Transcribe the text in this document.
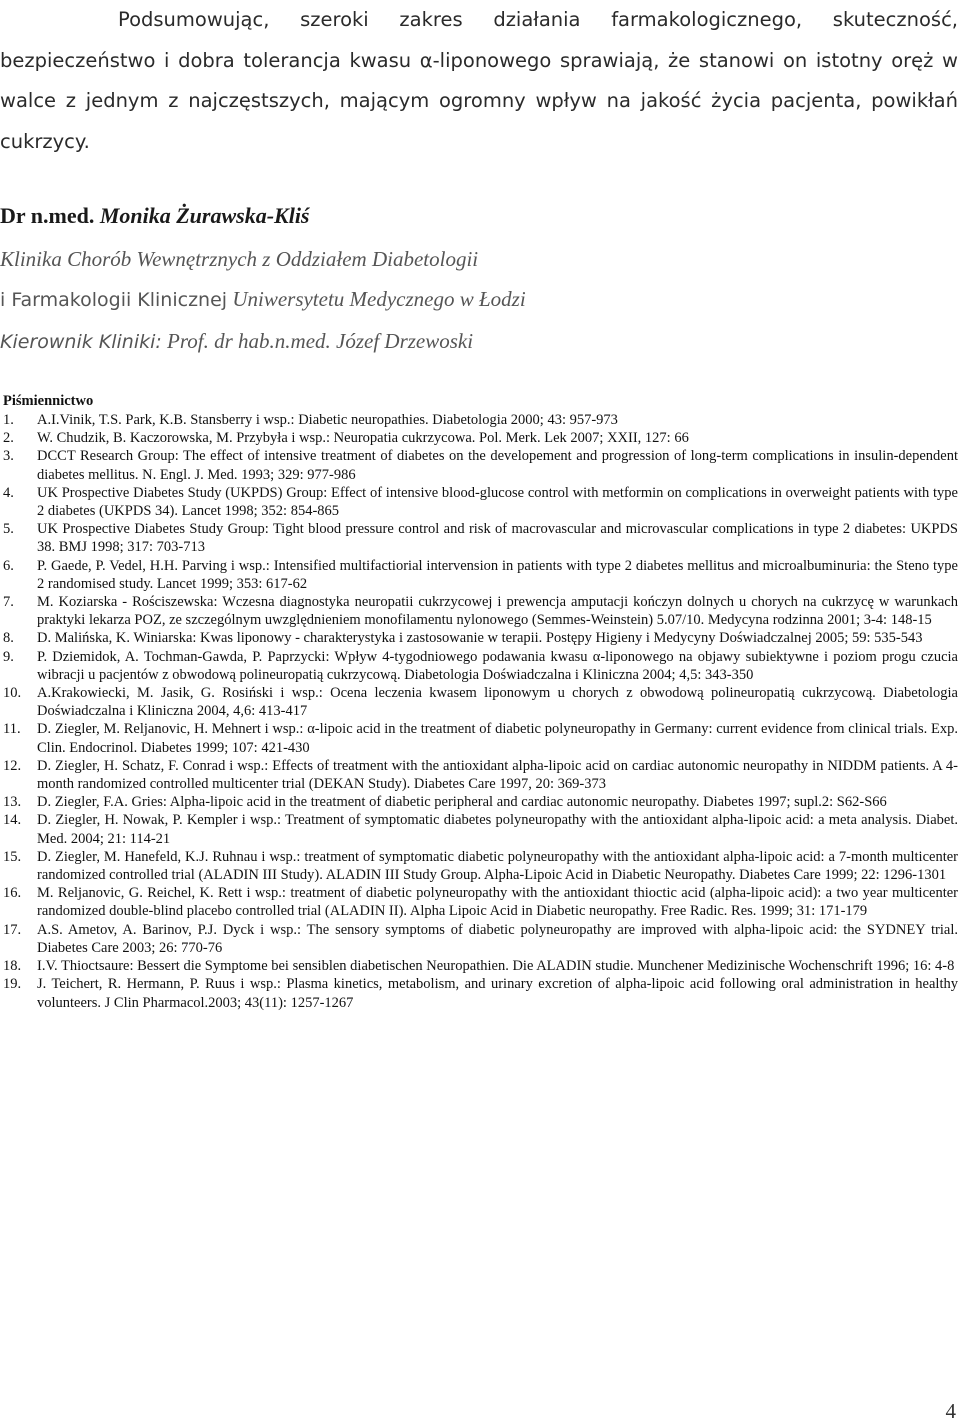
Podsumowując, szeroki zakres działania farmakologicznego, skuteczność, bezpieczeństwo i dobra tolerancja kwasu α-liponowego sprawiają, że stanowi on istotny oręż w walce z jednym z najczęstszych, mającym ogromny wpływ na jakość życia pacjenta, powikłań cukrzycy.

Dr n.med. Monika Żurawska-Kliś

Klinika Chorób Wewnętrznych z Oddziałem Diabetologii

i Farmakologii Klinicznej Uniwersytetu Medycznego w Łodzi

Kierownik Kliniki: Prof. dr hab.n.med. Józef Drzewoski

Piśmiennictwo

1. A.I.Vinik, T.S. Park, K.B. Stansberry i wsp.: Diabetic neuropathies. Diabetologia 2000; 43: 957-973
2. W. Chudzik, B. Kaczorowska, M. Przybyła i wsp.: Neuropatia cukrzycowa. Pol. Merk. Lek 2007; XXII, 127: 66
3. DCCT Research Group: The effect of intensive treatment of diabetes on the developement and progression of long-term complications in insulin-dependent diabetes mellitus. N. Engl. J. Med. 1993; 329: 977-986
4. UK Prospective Diabetes Study (UKPDS) Group: Effect of intensive blood-glucose control with metformin on complications in overweight patients with type 2 diabetes (UKPDS 34). Lancet 1998; 352: 854-865
5. UK Prospective Diabetes Study Group: Tight blood pressure control and risk of macrovascular and microvascular complications in type 2 diabetes: UKPDS 38. BMJ 1998; 317: 703-713
6. P. Gaede, P. Vedel, H.H. Parving i wsp.: Intensified multifactiorial intervension in patients with type 2 diabetes mellitus and microalbuminuria: the Steno type 2 randomised study. Lancet 1999; 353: 617-62
7. M. Koziarska - Rościszewska: Wczesna diagnostyka neuropatii cukrzycowej i prewencja amputacji kończyn dolnych u chorych na cukrzycę w warunkach praktyki lekarza POZ, ze szczególnym uwzględnieniem monofilamentu nylonowego (Semmes-Weinstein) 5.07/10. Medycyna rodzinna 2001; 3-4: 148-15
8. D. Malińska, K. Winiarska: Kwas liponowy - charakterystyka i zastosowanie w terapii. Postępy Higieny i Medycyny Doświadczalnej 2005; 59: 535-543
9. P. Dziemidok, A. Tochman-Gawda, P. Paprzycki: Wpływ 4-tygodniowego podawania kwasu α-liponowego na objawy subiektywne i poziom progu czucia wibracji u pacjentów z obwodową polineuropatią cukrzycową. Diabetologia Doświadczalna i Kliniczna 2004; 4,5: 343-350
10. A.Krakowiecki, M. Jasik, G. Rosiński i wsp.: Ocena leczenia kwasem liponowym u chorych z obwodową polineuropatią cukrzycową. Diabetologia Doświadczalna i Kliniczna 2004, 4,6: 413-417
11. D. Ziegler, M. Reljanovic, H. Mehnert i wsp.: α-lipoic acid in the treatment of diabetic polyneuropathy in Germany: current evidence from clinical trials. Exp. Clin. Endocrinol. Diabetes 1999; 107: 421-430
12. D. Ziegler, H. Schatz, F. Conrad i wsp.: Effects of treatment with the antioxidant alpha-lipoic acid on cardiac autonomic neuropathy in NIDDM patients. A 4-month randomized controlled multicenter trial (DEKAN Study). Diabetes Care 1997, 20: 369-373
13. D. Ziegler, F.A. Gries: Alpha-lipoic acid in the treatment of diabetic peripheral and cardiac autonomic neuropathy. Diabetes 1997; supl.2: S62-S66
14. D. Ziegler, H. Nowak, P. Kempler i wsp.: Treatment of symptomatic diabetes polyneuropathy with the antioxidant alpha-lipoic acid: a meta analysis. Diabet. Med. 2004; 21: 114-21
15. D. Ziegler, M. Hanefeld, K.J. Ruhnau i wsp.: treatment of symptomatic diabetic polyneuropathy with the antioxidant alpha-lipoic acid: a 7-month multicenter randomized controlled trial (ALADIN III Study). ALADIN III Study Group. Alpha-Lipoic Acid in Diabetic Neuropathy. Diabetes Care 1999; 22: 1296-1301
16. M. Reljanovic, G. Reichel, K. Rett i wsp.: treatment of diabetic polyneuropathy with the antioxidant thioctic acid (alpha-lipoic acid): a two year multicenter randomized double-blind placebo controlled trial (ALADIN II). Alpha Lipoic Acid in Diabetic neuropathy. Free Radic. Res. 1999; 31: 171-179
17. A.S. Ametov, A. Barinov, P.J. Dyck i wsp.: The sensory symptoms of diabetic polyneuropathy are improved with alpha-lipoic acid: the SYDNEY trial. Diabetes Care 2003; 26: 770-76
18. I.V. Thioctsaure: Bessert die Symptome bei sensiblen diabetischen Neuropathien. Die ALADIN studie. Munchener Medizinische Wochenschrift 1996; 16: 4-8
19. J. Teichert, R. Hermann, P. Ruus i wsp.: Plasma kinetics, metabolism, and urinary excretion of alpha-lipoic acid following oral administration in healthy volunteers. J Clin Pharmacol.2003; 43(11): 1257-1267

4
